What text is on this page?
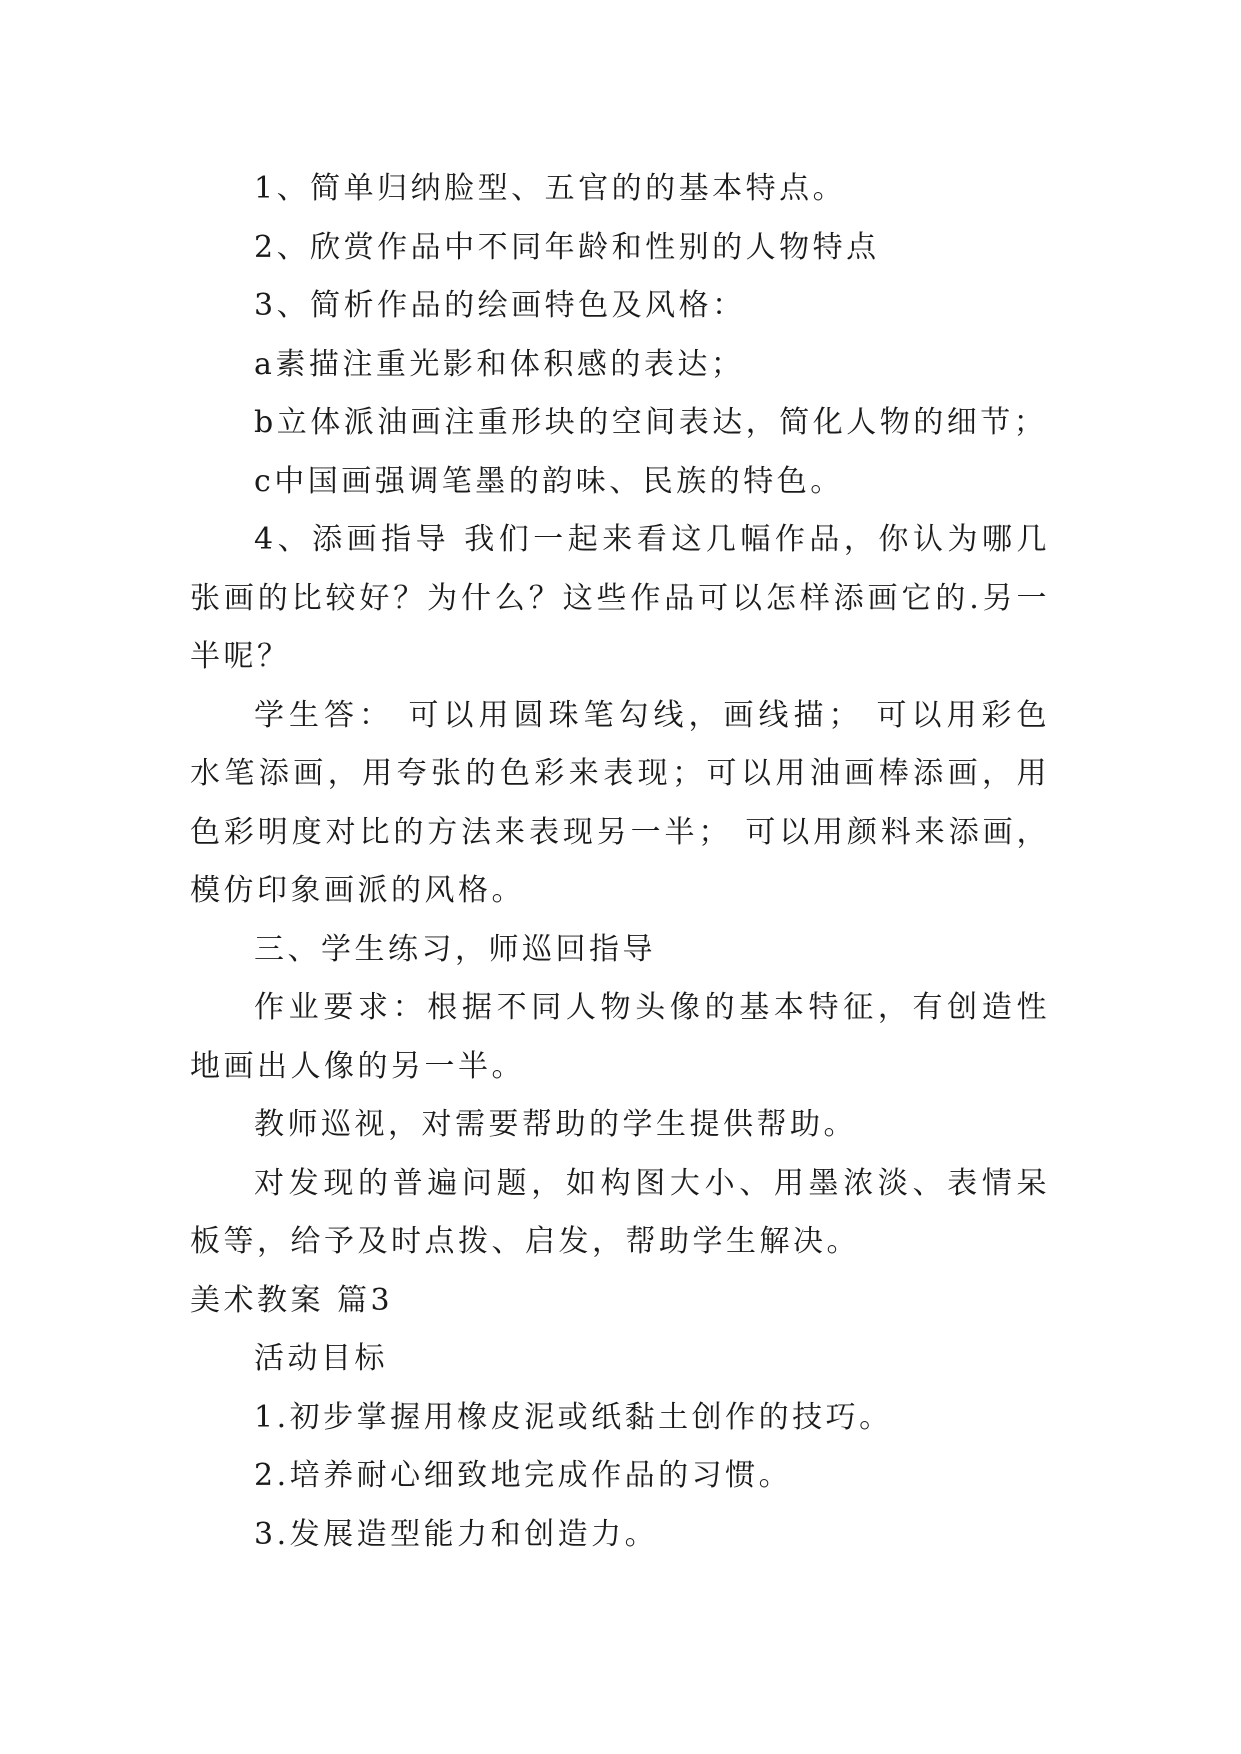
1、简单归纳脸型、五官的的基本特点。

2、欣赏作品中不同年龄和性别的人物特点

3、简析作品的绘画特色及风格：

a素描注重光影和体积感的表达；

b立体派油画注重形块的空间表达，简化人物的细节；

c中国画强调笔墨的韵味、民族的特色。

4、添画指导 我们一起来看这几幅作品，你认为哪几张画的比较好？为什么？这些作品可以怎样添画它的.另一半呢？

学生答： 可以用圆珠笔勾线，画线描； 可以用彩色水笔添画，用夸张的色彩来表现；可以用油画棒添画，用色彩明度对比的方法来表现另一半； 可以用颜料来添画，模仿印象画派的风格。

三、学生练习，师巡回指导

作业要求：根据不同人物头像的基本特征，有创造性地画出人像的另一半。

教师巡视，对需要帮助的学生提供帮助。

对发现的普遍问题，如构图大小、用墨浓淡、表情呆板等，给予及时点拨、启发，帮助学生解决。

美术教案 篇3

活动目标

1.初步掌握用橡皮泥或纸黏土创作的技巧。

2.培养耐心细致地完成作品的习惯。

3.发展造型能力和创造力。
